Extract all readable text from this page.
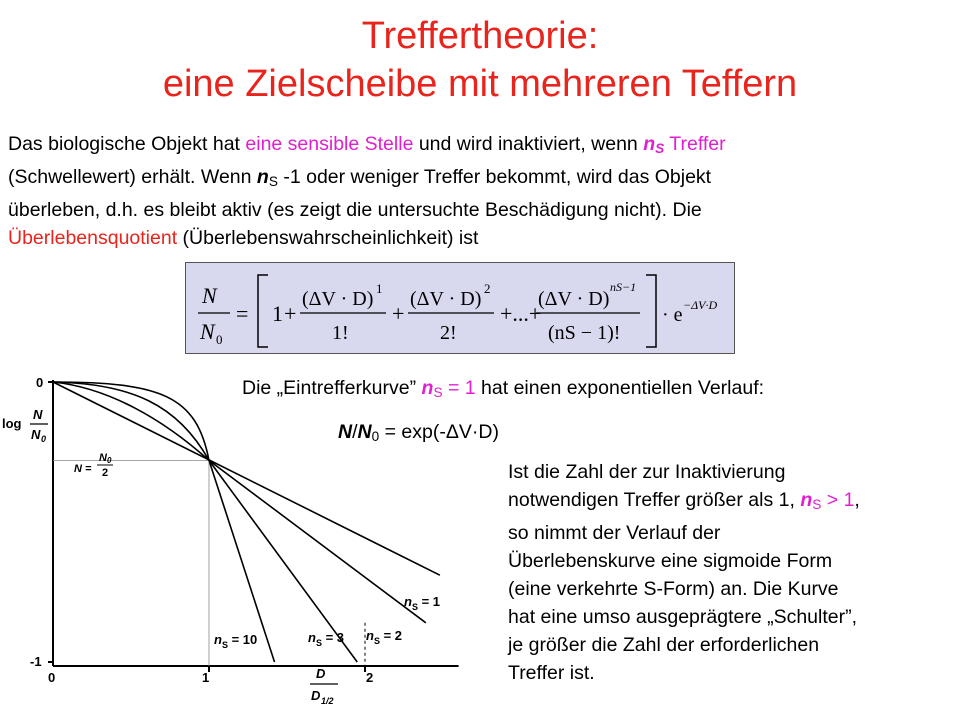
Treffertheorie:
eine Zielscheibe mit mehreren Teffern
Das biologische Objekt hat eine sensible Stelle und wird inaktiviert, wenn $n_S$ Treffer
(Schwellewert) erhält. Wenn $n_S$ -1 oder weniger Treffer bekommt, wird das Objekt
überleben, d.h. es bleibt aktiv (es zeigt die untersuchte Beschädigung nicht). Die
Überlebensquotient (Überlebenswahrscheinlichkeit) ist
N
N 0
= 1 +
(ΔV · D) 1
1!
+
(ΔV · D) 2
2!
+...+
(ΔV · D)
nS−1
(nS − 1)!
· e −ΔV·D
0
-1
0	1	2
log
N
N 0
N =
N 0
2
D
D 1/2
$n_S = 1$
$n_S = 2$
$n_S = 3$
$n_S = 10$
Die „Eintrefferkurve” $n_S = 1$ hat einen exponentiellen Verlauf:
$N/N_0 = \exp(-\Delta V\cdot D)$
Ist die Zahl der zur Inaktivierung
notwendigen Treffer größer als 1, $n_S > 1$,
so nimmt der Verlauf der
Überlebenskurve eine sigmoide Form
(eine verkehrte S-Form) an. Die Kurve
hat eine umso ausgeprägtere „Schulter”,
je größer die Zahl der erforderlichen
Treffer ist.
